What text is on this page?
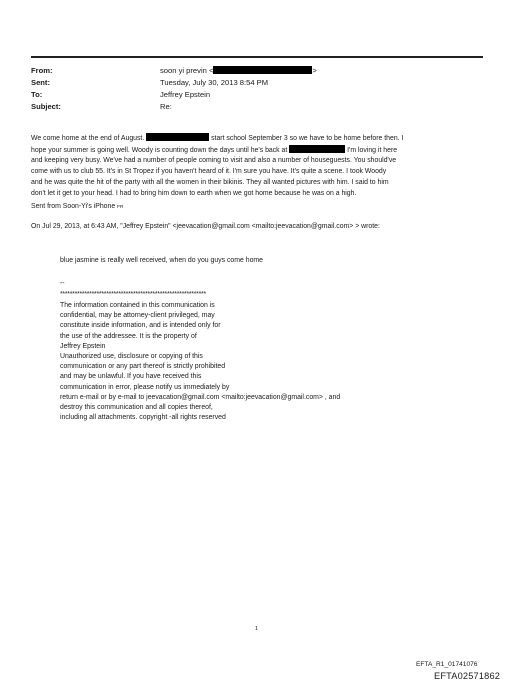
From:	soon yi previn <	>
Sent:	Tuesday, July 30, 2013 8:54 PM
To:	Jeffrey Epstein
Subject:	Re:
We come home at the end of August.	start school September 3 so we have to be home before then. I
hope your summer is going well. Woody is counting down the days until he's back at	I'm loving it here
and keeping very busy. We've had a number of people coming to visit and also a number of houseguests. You should've
come with us to club 55. It's in St Tropez if you haven't heard of it. I'm sure you have. It's quite a scene. I took Woody
and he was quite the hit of the party with all the women in their bikinis. They all wanted pictures with him. I said to him
don't let it get to your head. I had to bring him down to earth when we got home because he was on a high.
Sent from Soon-Yi's iPhone FR
On Jul 29, 2013, at 6:43 AM, "Jeffrey Epstein" <jeevacation@gmail.com <mailto:jeevacation@gmail.com> > wrote:
blue jasmine is really well received, when do you guys come home
--
************************************************************
The information contained in this communication is
confidential, may be attorney-client privileged, may
constitute inside information, and is intended only for
the use of the addressee. It is the property of
Jeffrey Epstein
Unauthorized use, disclosure or copying of this
communication or any part thereof is strictly prohibited
and may be unlawful. If you have received this
communication in error, please notify us immediately by
return e-mail or by e-mail to jeevacation@gmail.com <mailto:jeevacation@gmail.com> , and
destroy this communication and all copies thereof,
including all attachments. copyright -all rights reserved
1
EFTA_R1_01741076
EFTA02571862
